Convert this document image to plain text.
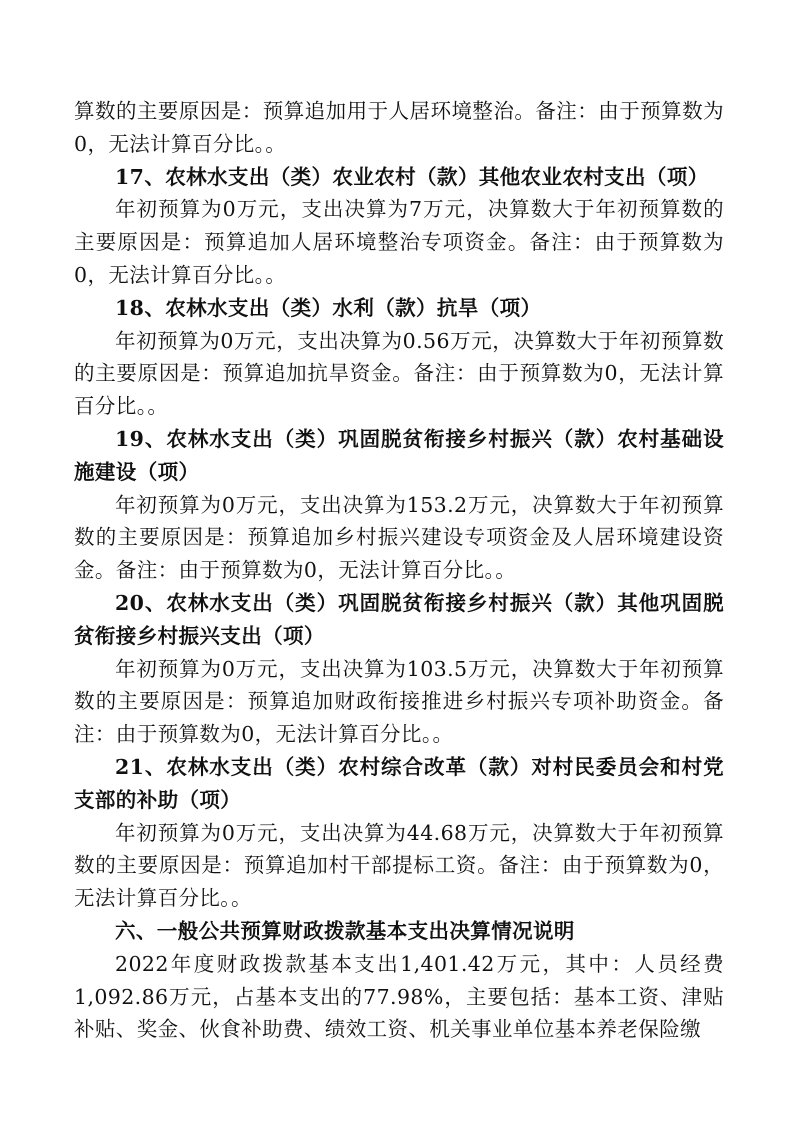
算数的主要原因是：预算追加用于人居环境整治。备注：由于预算数为0，无法计算百分比。。

17、农林水支出（类）农业农村（款）其他农业农村支出（项）

年初预算为0万元，支出决算为7万元，决算数大于年初预算数的主要原因是：预算追加人居环境整治专项资金。备注：由于预算数为0，无法计算百分比。。

18、农林水支出（类）水利（款）抗旱（项）

年初预算为0万元，支出决算为0.56万元，决算数大于年初预算数的主要原因是：预算追加抗旱资金。备注：由于预算数为0，无法计算百分比。。

19、农林水支出（类）巩固脱贫衔接乡村振兴（款）农村基础设施建设（项）

年初预算为0万元，支出决算为153.2万元，决算数大于年初预算数的主要原因是：预算追加乡村振兴建设专项资金及人居环境建设资金。备注：由于预算数为0，无法计算百分比。。

20、农林水支出（类）巩固脱贫衔接乡村振兴（款）其他巩固脱贫衔接乡村振兴支出（项）

年初预算为0万元，支出决算为103.5万元，决算数大于年初预算数的主要原因是：预算追加财政衔接推进乡村振兴专项补助资金。备注：由于预算数为0，无法计算百分比。。

21、农林水支出（类）农村综合改革（款）对村民委员会和村党支部的补助（项）

年初预算为0万元，支出决算为44.68万元，决算数大于年初预算数的主要原因是：预算追加村干部提标工资。备注：由于预算数为0，无法计算百分比。。

六、一般公共预算财政拨款基本支出决算情况说明

2022年度财政拨款基本支出1,401.42万元，其中：人员经费1,092.86万元，占基本支出的77.98%，主要包括：基本工资、津贴补贴、奖金、伙食补助费、绩效工资、机关事业单位基本养老保险缴
